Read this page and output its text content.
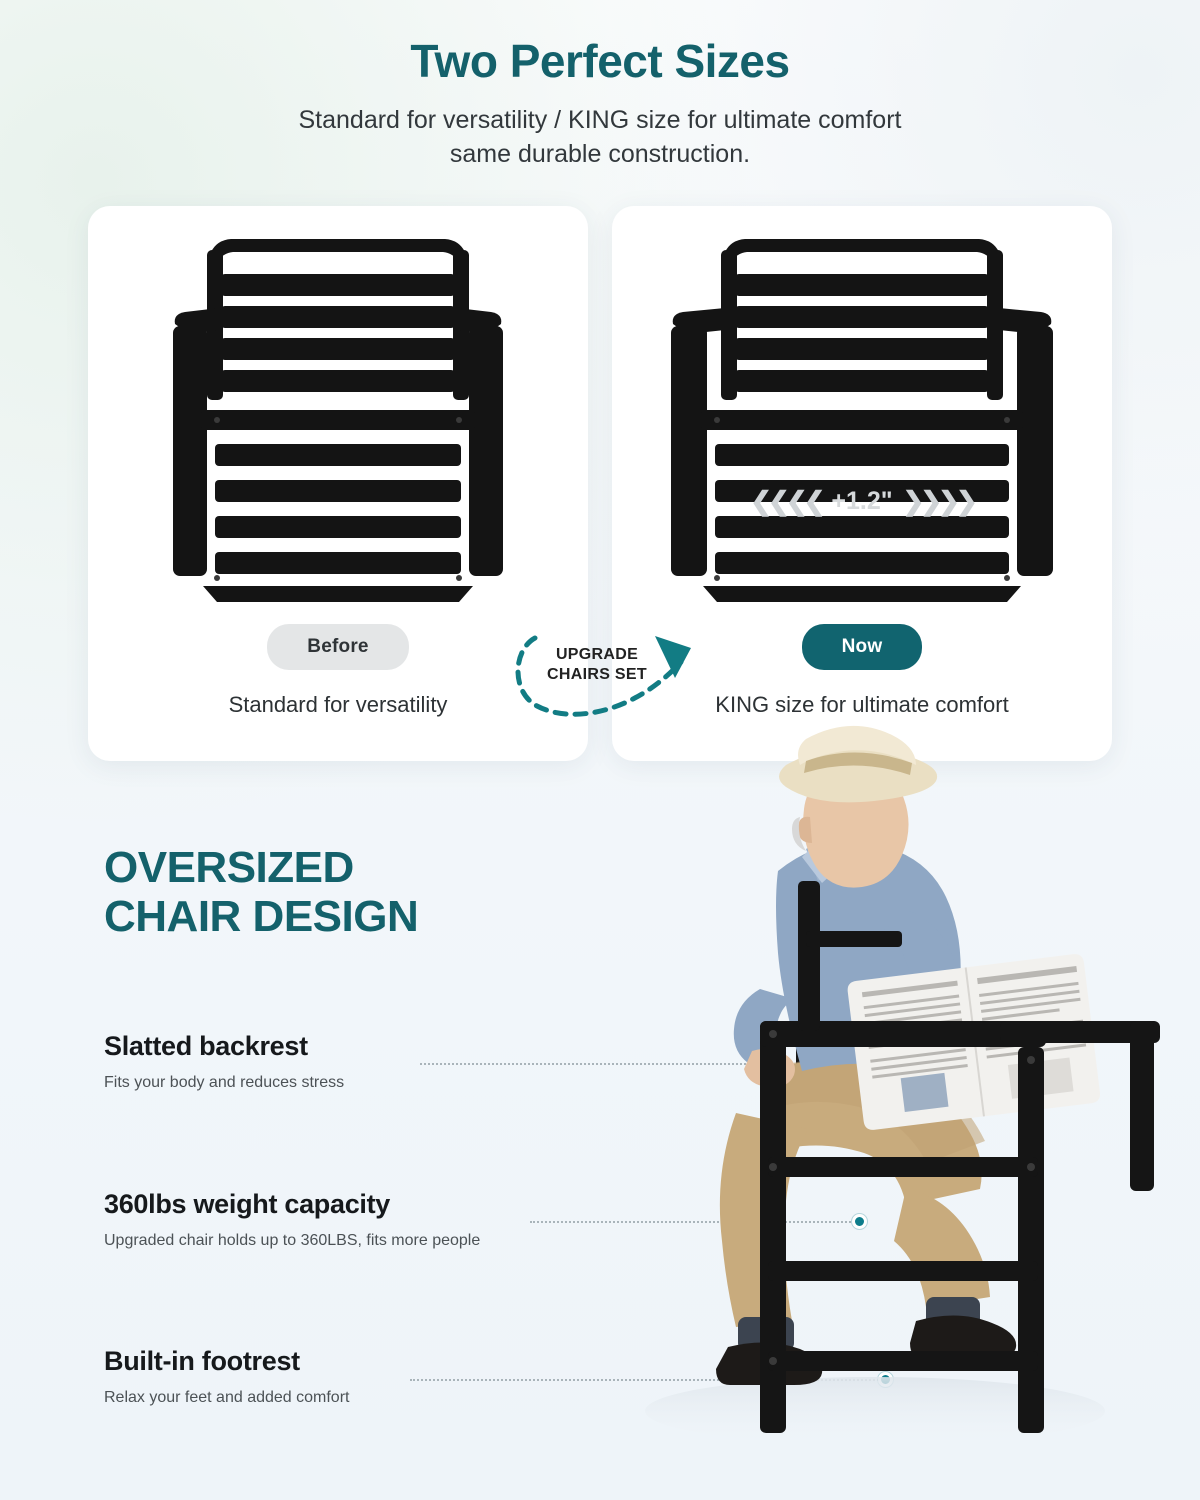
Two Perfect Sizes
Standard for versatility / KING size for ultimate comfort
same durable construction.
Before
Standard for versatility
❮❮❮❮ +1.2" ❯❯❯❯
Now
KING size for ultimate comfort
UPGRADE
CHAIRS SET
OVERSIZED
CHAIR DESIGN
Slatted backrest

Fits your body and reduces stress

360lbs weight capacity

Upgraded chair holds up to 360LBS, fits more people

Built-in footrest

Relax your feet and added comfort
